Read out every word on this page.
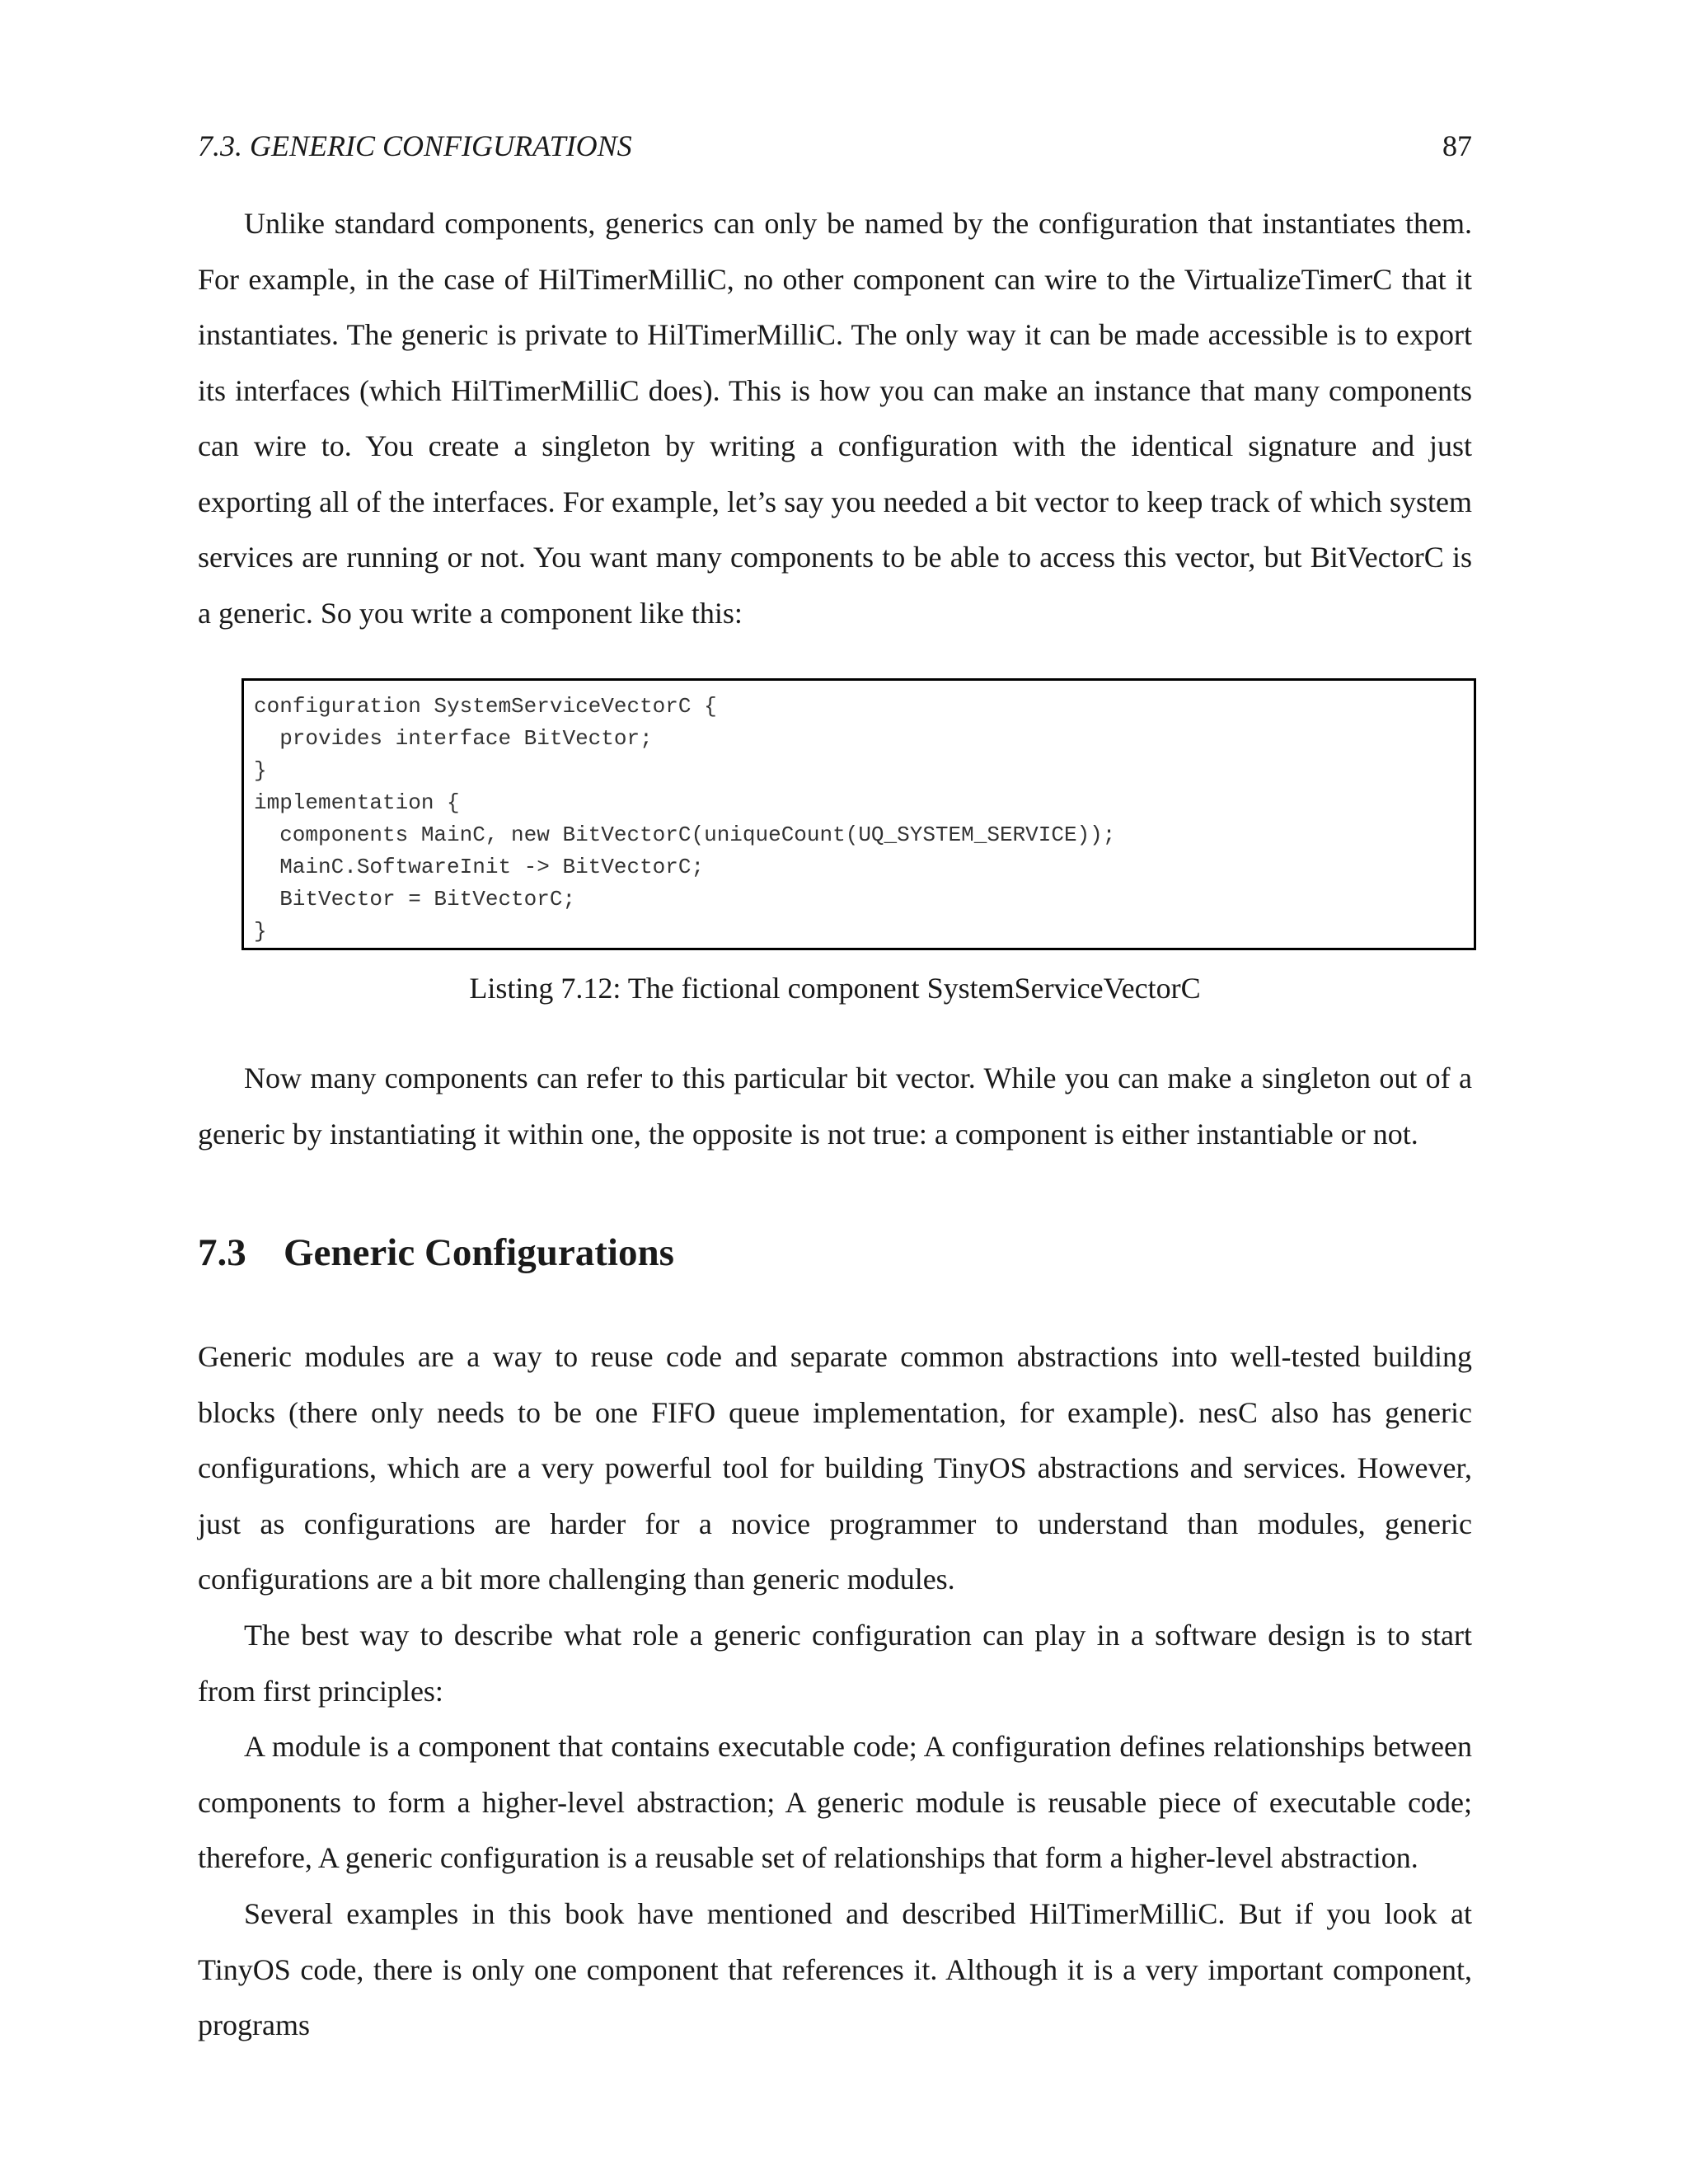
7.3. GENERIC CONFIGURATIONS	87

Unlike standard components, generics can only be named by the configuration that instantiates them. For example, in the case of HilTimerMilliC, no other component can wire to the VirtualizeTimerC that it instantiates. The generic is private to HilTimerMilliC. The only way it can be made accessible is to export its interfaces (which HilTimerMilliC does). This is how you can make an instance that many components can wire to. You create a singleton by writing a configuration with the identical signature and just exporting all of the interfaces. For example, let’s say you needed a bit vector to keep track of which system services are running or not. You want many components to be able to access this vector, but BitVectorC is a generic. So you write a component like this:

configuration SystemServiceVectorC {
provides interface BitVector;
}
implementation {
components MainC, new BitVectorC(uniqueCount(UQ_SYSTEM_SERVICE));
MainC.SoftwareInit -> BitVectorC;
BitVector = BitVectorC;
}
Listing 7.12: The fictional component SystemServiceVectorC

Now many components can refer to this particular bit vector. While you can make a singleton out of a generic by instantiating it within one, the opposite is not true: a component is either instantiable or not.

7.3 Generic Configurations

Generic modules are a way to reuse code and separate common abstractions into well-tested building blocks (there only needs to be one FIFO queue implementation, for example). nesC also has generic configurations, which are a very powerful tool for building TinyOS abstractions and services. However, just as configurations are harder for a novice programmer to understand than modules, generic configurations are a bit more challenging than generic modules.

The best way to describe what role a generic configuration can play in a software design is to start from first principles:

A module is a component that contains executable code; A configuration defines relationships between components to form a higher-level abstraction; A generic module is reusable piece of executable code; therefore, A generic configuration is a reusable set of relationships that form a higher-level abstraction.

Several examples in this book have mentioned and described HilTimerMilliC. But if you look at TinyOS code, there is only one component that references it. Although it is a very important component, programs
